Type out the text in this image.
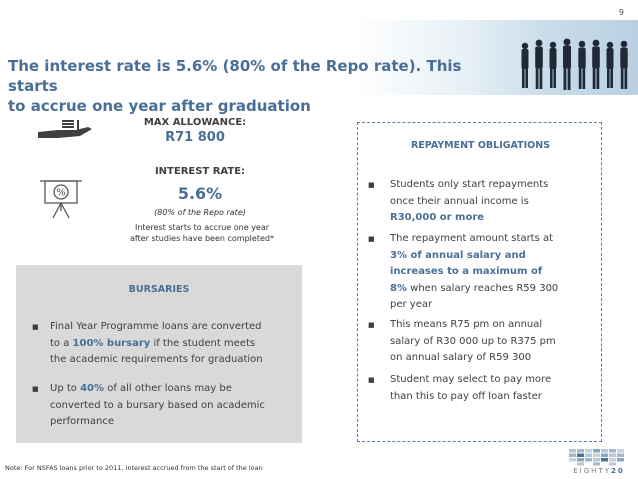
9
The interest rate is 5.6% (80% of the Repo rate). This starts
to accrue one year after graduation
MAX ALLOWANCE:
R71 800
%
INTEREST RATE:
5.6%
(80% of the Repo rate)
Interest starts to accrue one year
after studies have been completed*
BURSARIES
■ Final Year Programme loans are converted
to a 100% bursary if the student meets
the academic requirements for graduation
■ Up to 40% of all other loans may be
converted to a bursary based on academic
performance
REPAYMENT OBLIGATIONS
■ Students only start repayments
once their annual income is
R30,000 or more
■ The repayment amount starts at
3% of annual salary and
increases to a maximum of
8% when salary reaches R59 300
per year
■ This means R75 pm on annual
salary of R30 000 up to R375 pm
on annual salary of R59 300
■ Student may select to pay more
than this to pay off loan faster
Note: For NSFAS loans prior to 2011, interest accrued from the start of the loan	EIGHTY20
